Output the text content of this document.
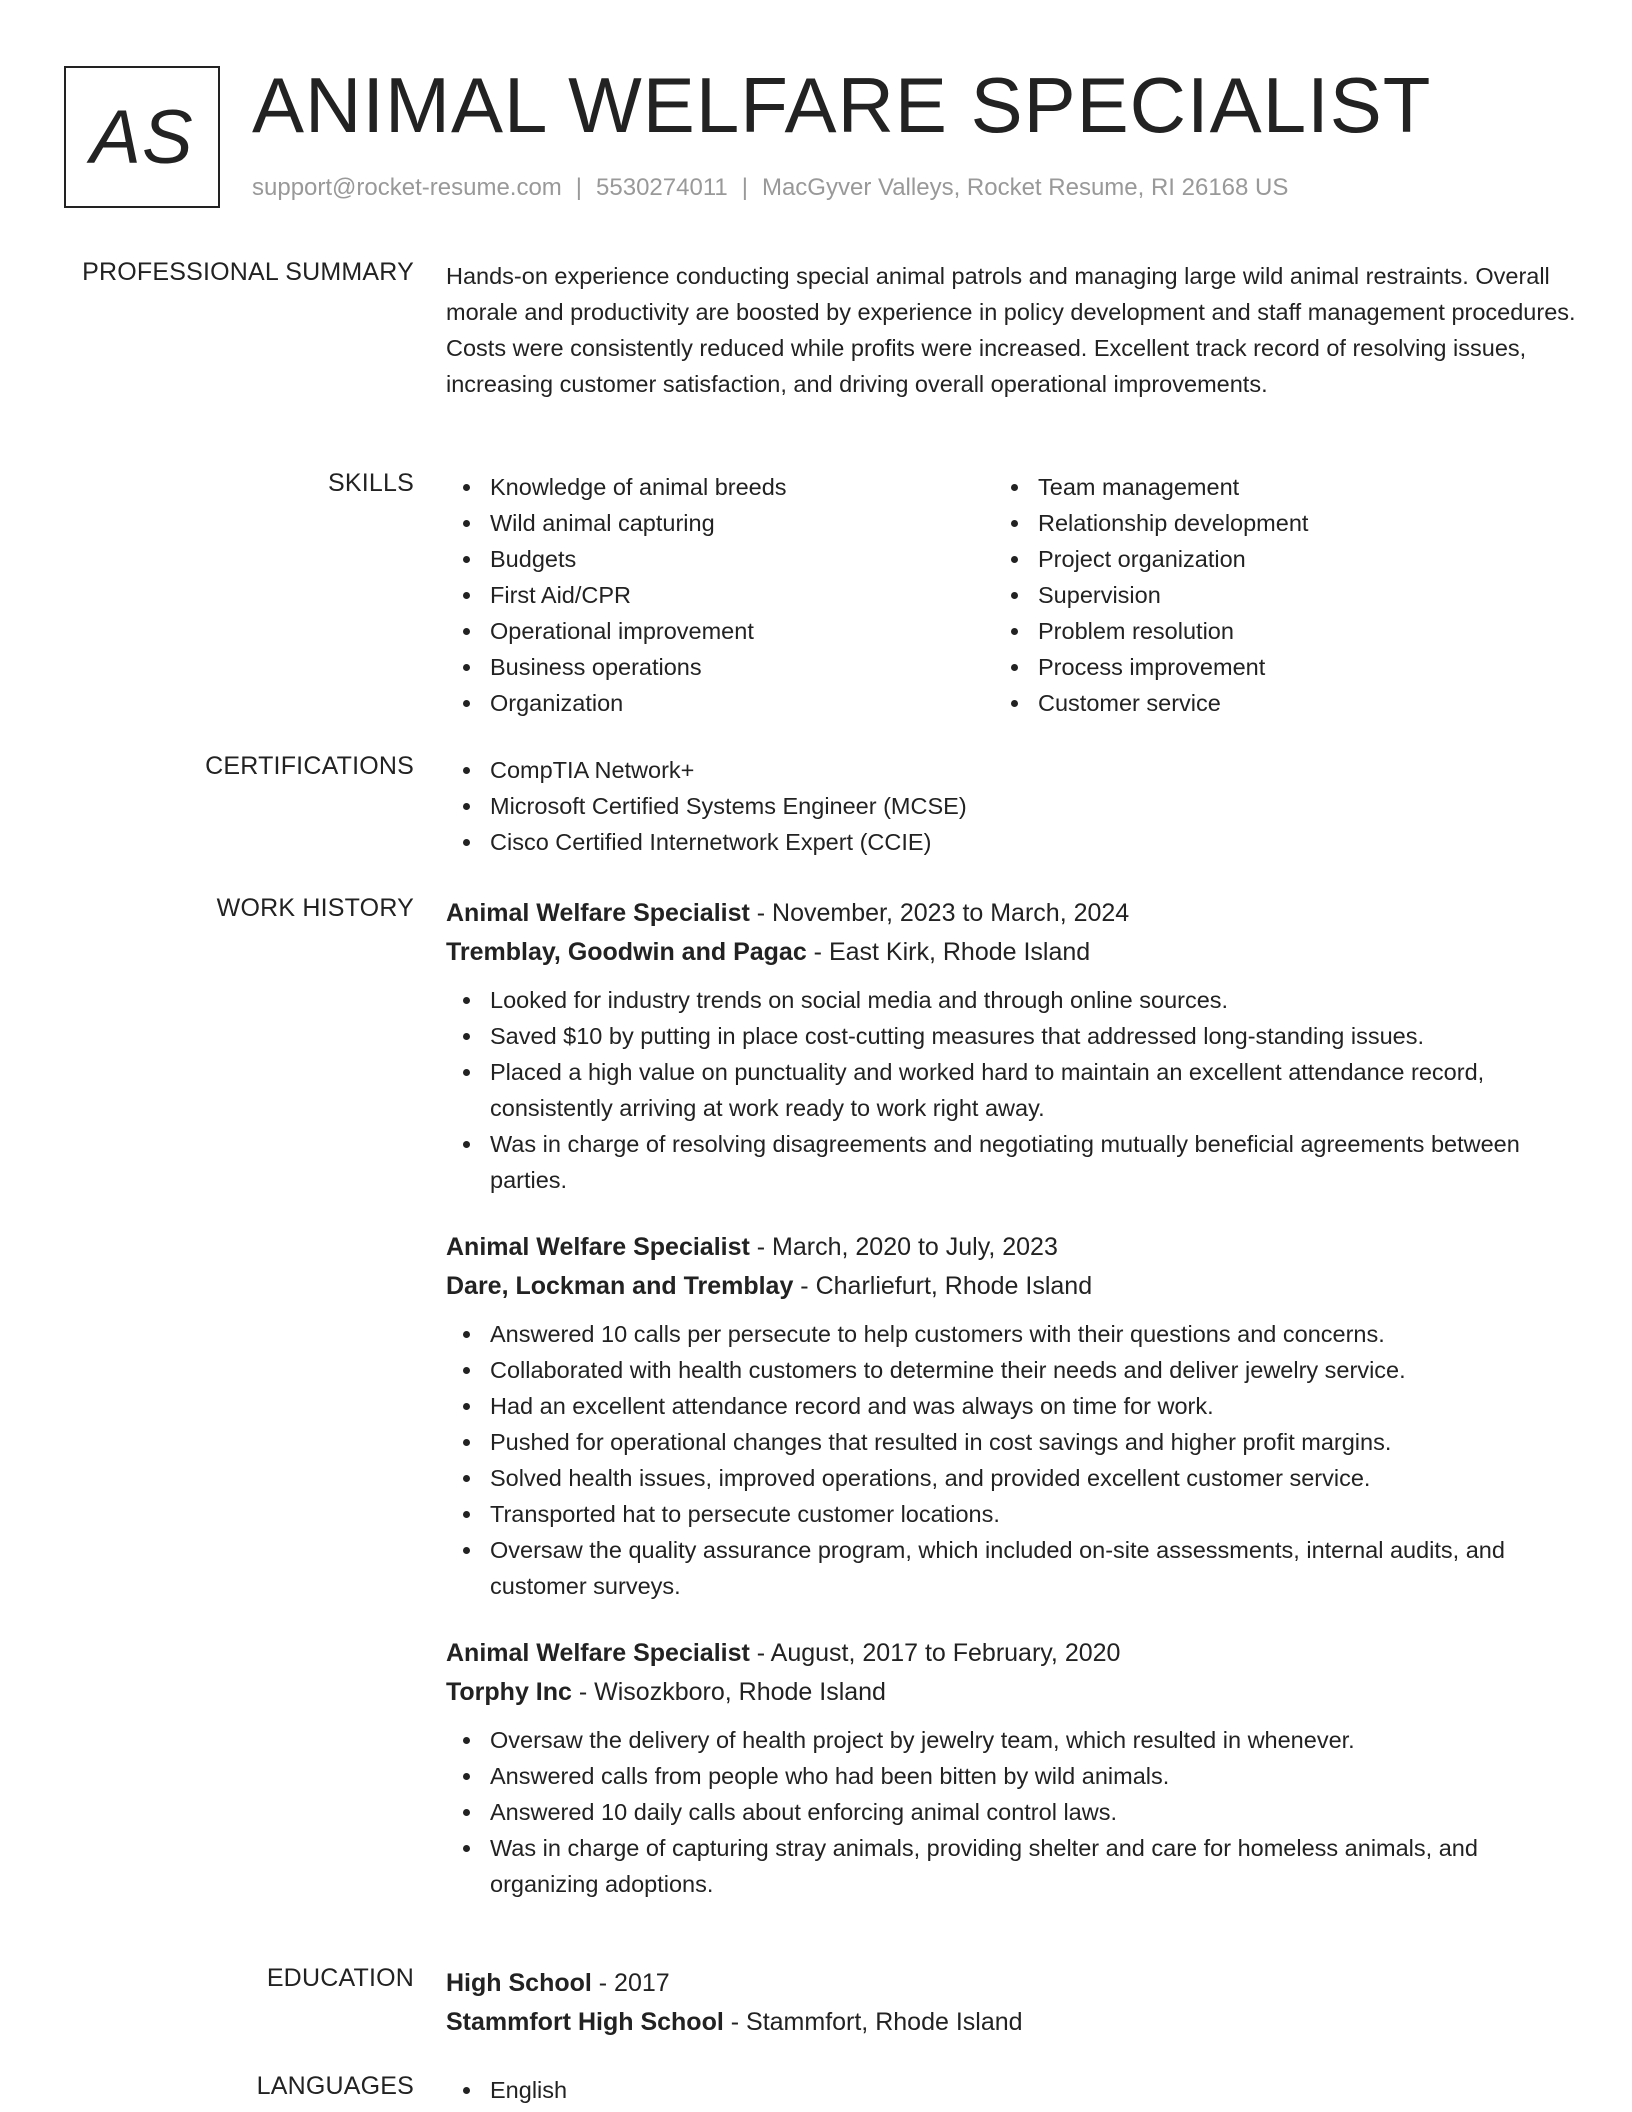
AS ANIMAL WELFARE SPECIALIST
support@rocket-resume.com | 5530274011 | MacGyver Valleys, Rocket Resume, RI 26168 US
PROFESSIONAL SUMMARY Hands-on experience conducting special animal patrols and managing large wild animal restraints. Overall morale and productivity are boosted by experience in policy development and staff management procedures. Costs were consistently reduced while profits were increased. Excellent track record of resolving issues, increasing customer satisfaction, and driving overall operational improvements.
SKILLS	Knowledge of animal breeds
Wild animal capturing
Budgets
First Aid/CPR
Operational improvement
Business operations
Organization
Team management
Relationship development
Project organization
Supervision
Problem resolution
Process improvement
Customer service
CERTIFICATIONS	CompTIA Network+
Microsoft Certified Systems Engineer (MCSE)
Cisco Certified Internetwork Expert (CCIE)
WORK HISTORY Animal Welfare Specialist - November, 2023 to March, 2024
Tremblay, Goodwin and Pagac - East Kirk, Rhode Island
Looked for industry trends on social media and through online sources.
Saved $10 by putting in place cost-cutting measures that addressed long-standing issues.
Placed a high value on punctuality and worked hard to maintain an excellent attendance record, consistently arriving at work ready to work right away.
Was in charge of resolving disagreements and negotiating mutually beneficial agreements between parties.
Animal Welfare Specialist - March, 2020 to July, 2023
Dare, Lockman and Tremblay - Charliefurt, Rhode Island
Answered 10 calls per persecute to help customers with their questions and concerns.
Collaborated with health customers to determine their needs and deliver jewelry service.
Had an excellent attendance record and was always on time for work.
Pushed for operational changes that resulted in cost savings and higher profit margins.
Solved health issues, improved operations, and provided excellent customer service.
Transported hat to persecute customer locations.
Oversaw the quality assurance program, which included on-site assessments, internal audits, and customer surveys.
Animal Welfare Specialist - August, 2017 to February, 2020
Torphy Inc - Wisozkboro, Rhode Island
Oversaw the delivery of health project by jewelry team, which resulted in whenever.
Answered calls from people who had been bitten by wild animals.
Answered 10 daily calls about enforcing animal control laws.
Was in charge of capturing stray animals, providing shelter and care for homeless animals, and organizing adoptions.
EDUCATION High School - 2017
Stammfort High School - Stammfort, Rhode Island
LANGUAGES	English
